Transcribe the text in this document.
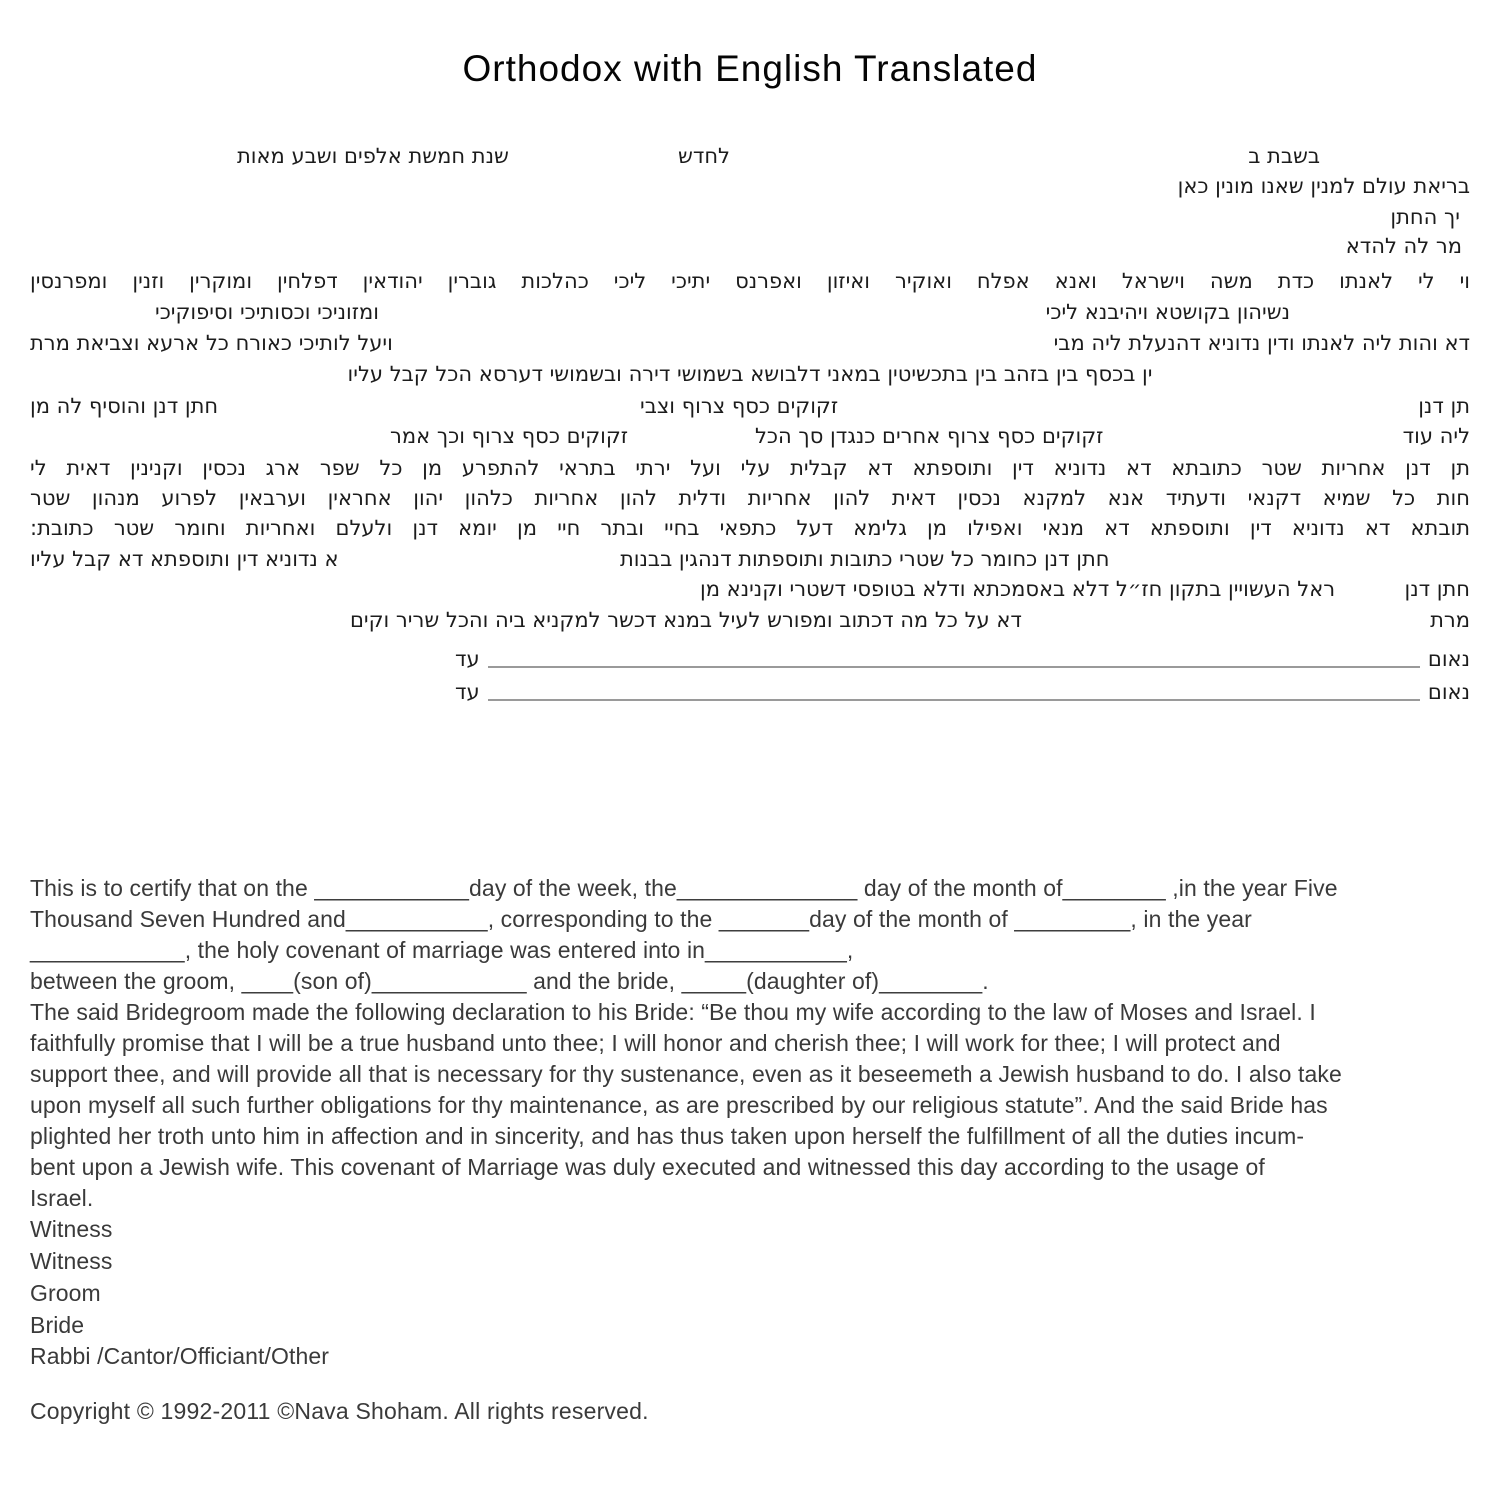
Orthodox with English Translated
בשבת ב
לחדש
שנת חמשת אלפים ושבע מאות
בריאת עולם למנין שאנו מונין כאן
יך החתן
מר לה להדא
וי לי לאנתו כדת משה וישראל ואנא אפלח ואוקיר ואיזון ואפרנס יתיכי ליכי כהלכות גוברין יהודאין דפלחין ומוקרין וזנין ומפרנסין
נשיהון בקושטא ויהיבנא ליכי
ומזוניכי וכסותיכי וסיפוקיכי
דא והות ליה לאנתו ודין נדוניא דהנעלת ליה מבי
ויעל לותיכי כאורח כל ארעא וצביאת מרת
ין בכסף בין בזהב בין בתכשיטין במאני דלבושא בשמושי דירה ובשמושי דערסא הכל קבל עליו
תן דנן
זקוקים כסף צרוף וצבי
חתן דנן והוסיף לה מן
ליה עוד
זקוקים כסף צרוף אחרים כנגדן סך הכל
זקוקים כסף צרוף וכך אמר
תן דנן אחריות שטר כתובתא דא נדוניא דין ותוספתא דא קבלית עלי ועל ירתי בתראי להתפרע מן כל שפר ארג נכסין וקנינין דאית לי
חות כל שמיא דקנאי ודעתיד אנא למקנא נכסין דאית להון אחריות ודלית להון אחריות כלהון יהון אחראין וערבאין לפרוע מנהון שטר
תובתא דא נדוניא דין ותוספתא דא מנאי ואפילו מן גלימא דעל כתפאי בחיי ובתר חיי מן יומא דנן ולעלם ואחריות וחומר שטר כתובת:
א נדוניא דין ותוספתא דא קבל עליו	חתן דנן כחומר כל שטרי כתובות ותוספתות דנהגין בבנות
חתן דנן
ראל העשויין בתקון חז״ל דלא באסמכתא ודלא בטופסי דשטרי וקנינא מן
מרת
דא על כל מה דכתוב ומפורש לעיל במנא דכשר למקניא ביה והכל שריר וקים
נאום
עד
נאום
עד
This is to certify that on the ____________day of the week, the______________ day of the month of________ ,in the year Five
Thousand Seven Hundred and___________, corresponding to the _______day of the month of _________, in the year
____________, the holy covenant of marriage was entered into in___________,
between the groom, ____(son of)____________ and the bride, _____(daughter of)________.
The said Bridegroom made the following declaration to his Bride: “Be thou my wife according to the law of Moses and Israel. I
faithfully promise that I will be a true husband unto thee; I will honor and cherish thee; I will work for thee; I will protect and
support thee, and will provide all that is necessary for thy sustenance, even as it beseemeth a Jewish husband to do. I also take
upon myself all such further obligations for thy maintenance, as are prescribed by our religious statute”. And the said Bride has
plighted her troth unto him in affection and in sincerity, and has thus taken upon herself the fulfillment of all the duties incum-
bent upon a Jewish wife. This covenant of Marriage was duly executed and witnessed this day according to the usage of
Israel.
Witness
Witness
Groom
Bride
Rabbi /Cantor/Officiant/Other
Copyright © 1992-2011 ©Nava Shoham. All rights reserved.
